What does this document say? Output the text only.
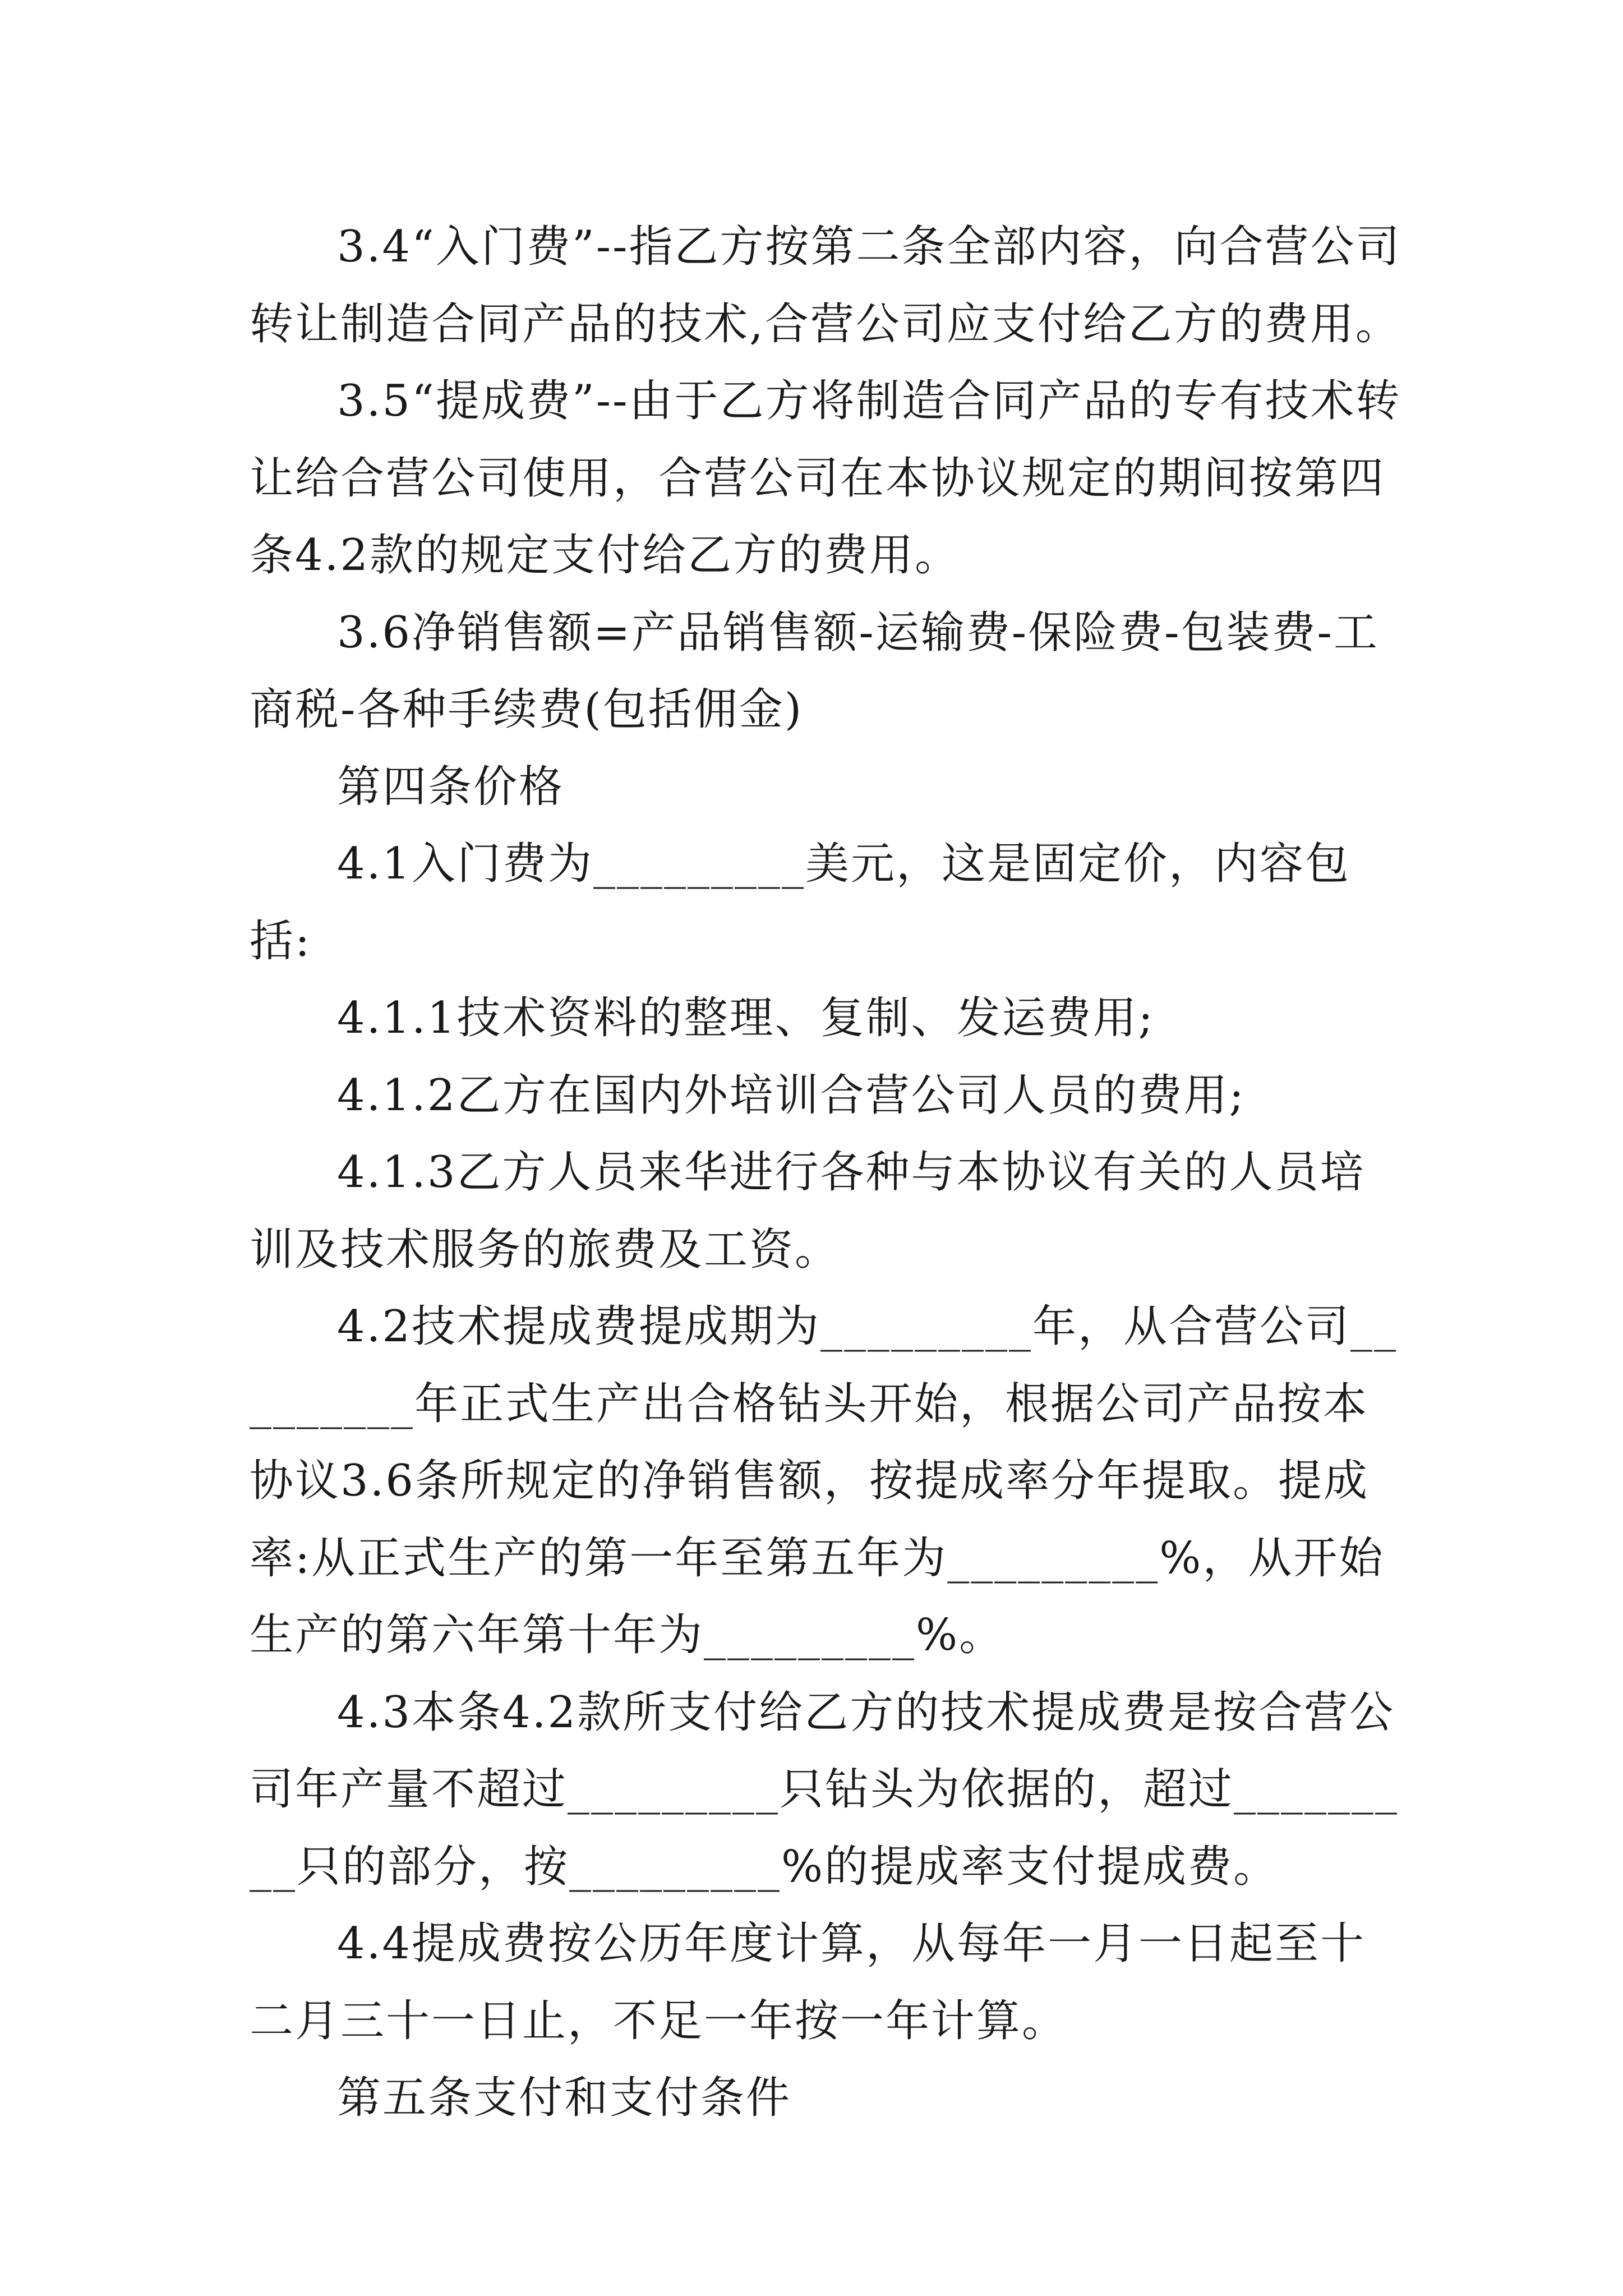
3.4“入门费”--指乙方按第二条全部内容，向合营公司转让制造合同产品的技术,合营公司应支付给乙方的费用。

3.5“提成费”--由于乙方将制造合同产品的专有技术转让给合营公司使用，合营公司在本协议规定的期间按第四条4.2款的规定支付给乙方的费用。

3.6净销售额=产品销售额-运输费-保险费-包装费-工商税-各种手续费(包括佣金)

第四条价格

4.1入门费为_________美元，这是固定价，内容包括:

4.1.1技术资料的整理、复制、发运费用;

4.1.2乙方在国内外培训合营公司人员的费用;

4.1.3乙方人员来华进行各种与本协议有关的人员培训及技术服务的旅费及工资。

4.2技术提成费提成期为_________年，从合营公司_________年正式生产出合格钻头开始，根据公司产品按本协议3.6条所规定的净销售额，按提成率分年提取。提成率:从正式生产的第一年至第五年为_________%，从开始生产的第六年第十年为_________%。

4.3本条4.2款所支付给乙方的技术提成费是按合营公司年产量不超过_________只钻头为依据的，超过_________只的部分，按_________%的提成率支付提成费。

4.4提成费按公历年度计算，从每年一月一日起至十二月三十一日止，不足一年按一年计算。

第五条支付和支付条件
